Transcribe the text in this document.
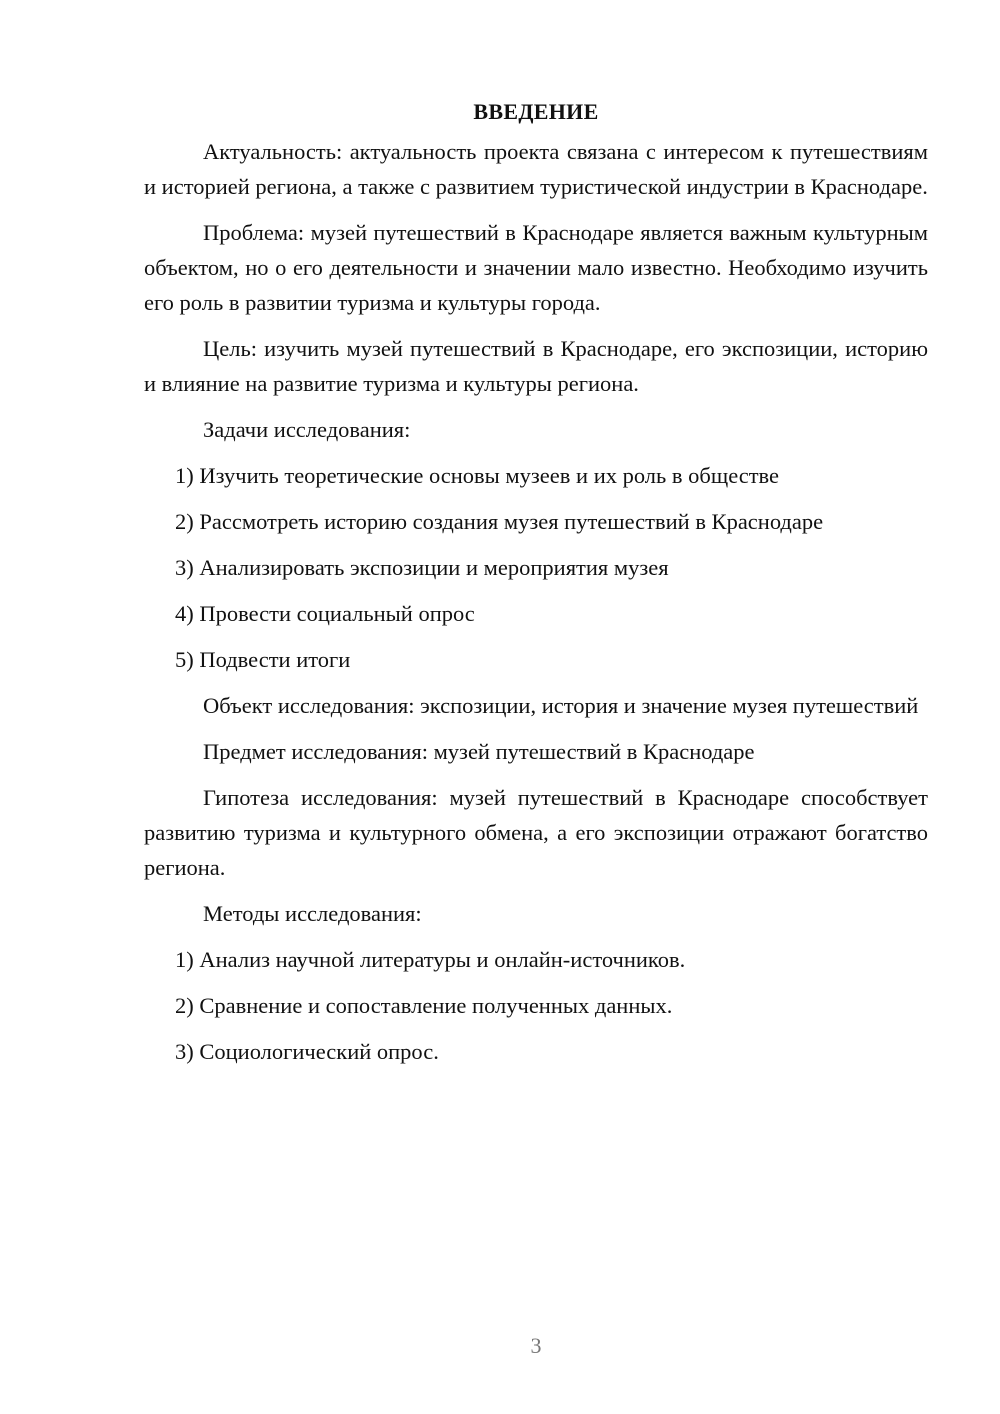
ВВЕДЕНИЕ

Актуальность: актуальность проекта связана с интересом к путешествиям и историей региона, а также с развитием туристической индустрии в Краснодаре.

Проблема: музей путешествий в Краснодаре является важным культурным объектом, но о его деятельности и значении мало известно. Необходимо изучить его роль в развитии туризма и культуры города.

Цель: изучить музей путешествий в Краснодаре, его экспозиции, историю и влияние на развитие туризма и культуры региона.

Задачи исследования:

1) Изучить теоретические основы музеев и их роль в обществе

2) Рассмотреть историю создания музея путешествий в Краснодаре

3) Анализировать экспозиции и мероприятия музея

4) Провести социальный опрос

5) Подвести итоги

Объект исследования: экспозиции, история и значение музея путешествий

Предмет исследования: музей путешествий в Краснодаре

Гипотеза исследования: музей путешествий в Краснодаре способствует развитию туризма и культурного обмена, а его экспозиции отражают богатство региона.

Методы исследования:

1) Анализ научной литературы и онлайн-источников.

2) Сравнение и сопоставление полученных данных.

3) Социологический опрос.

3
